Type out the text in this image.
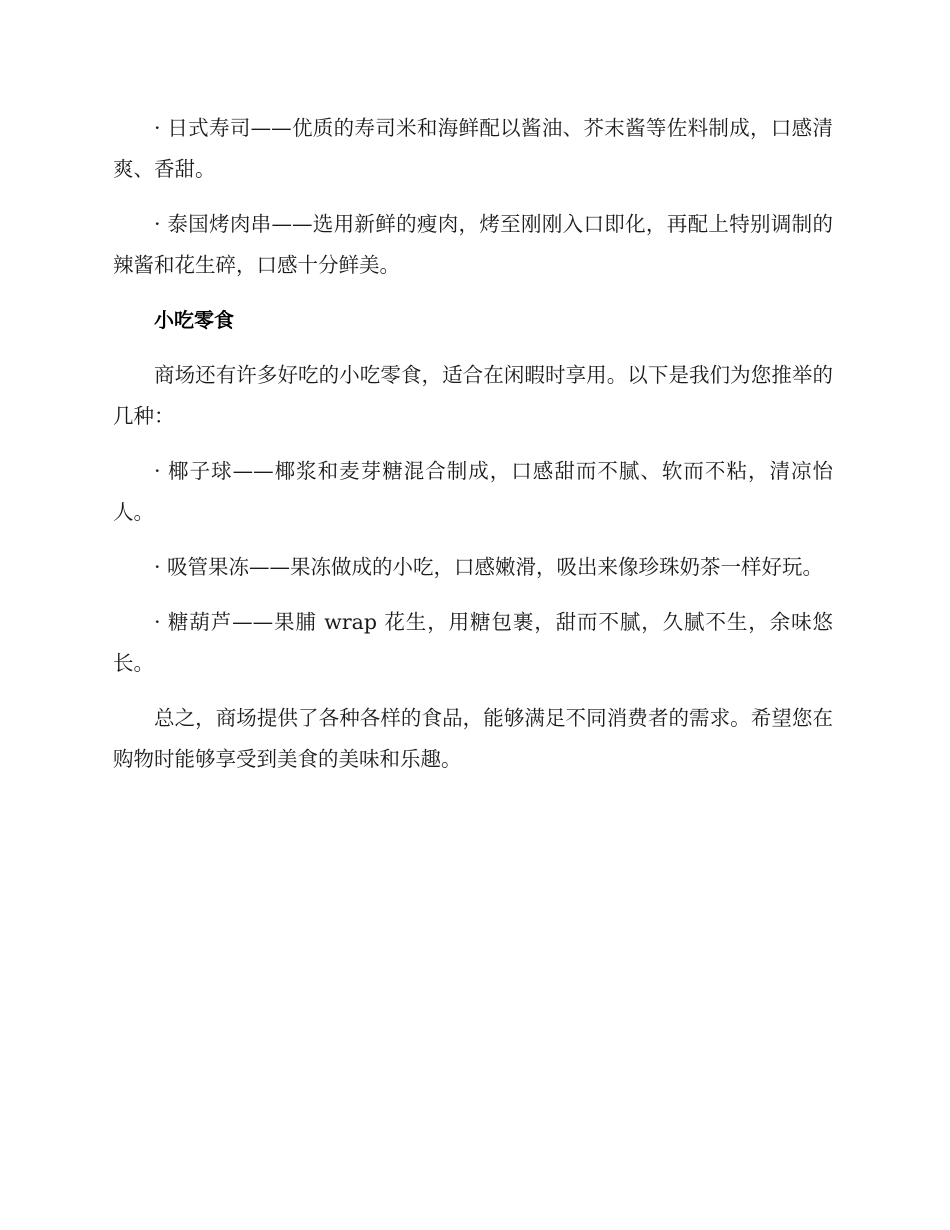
· 日式寿司——优质的寿司米和海鲜配以酱油、芥末酱等佐料制成，口感清爽、香甜。

· 泰国烤肉串——选用新鲜的瘦肉，烤至刚刚入口即化，再配上特别调制的辣酱和花生碎，口感十分鲜美。

小吃零食

商场还有许多好吃的小吃零食，适合在闲暇时享用。以下是我们为您推举的几种：

· 椰子球——椰浆和麦芽糖混合制成，口感甜而不腻、软而不粘，清凉怡人。

· 吸管果冻——果冻做成的小吃，口感嫩滑，吸出来像珍珠奶茶一样好玩。

· 糖葫芦——果脯 wrap 花生，用糖包裹，甜而不腻，久腻不生，余味悠长。

总之，商场提供了各种各样的食品，能够满足不同消费者的需求。希望您在购物时能够享受到美食的美味和乐趣。
